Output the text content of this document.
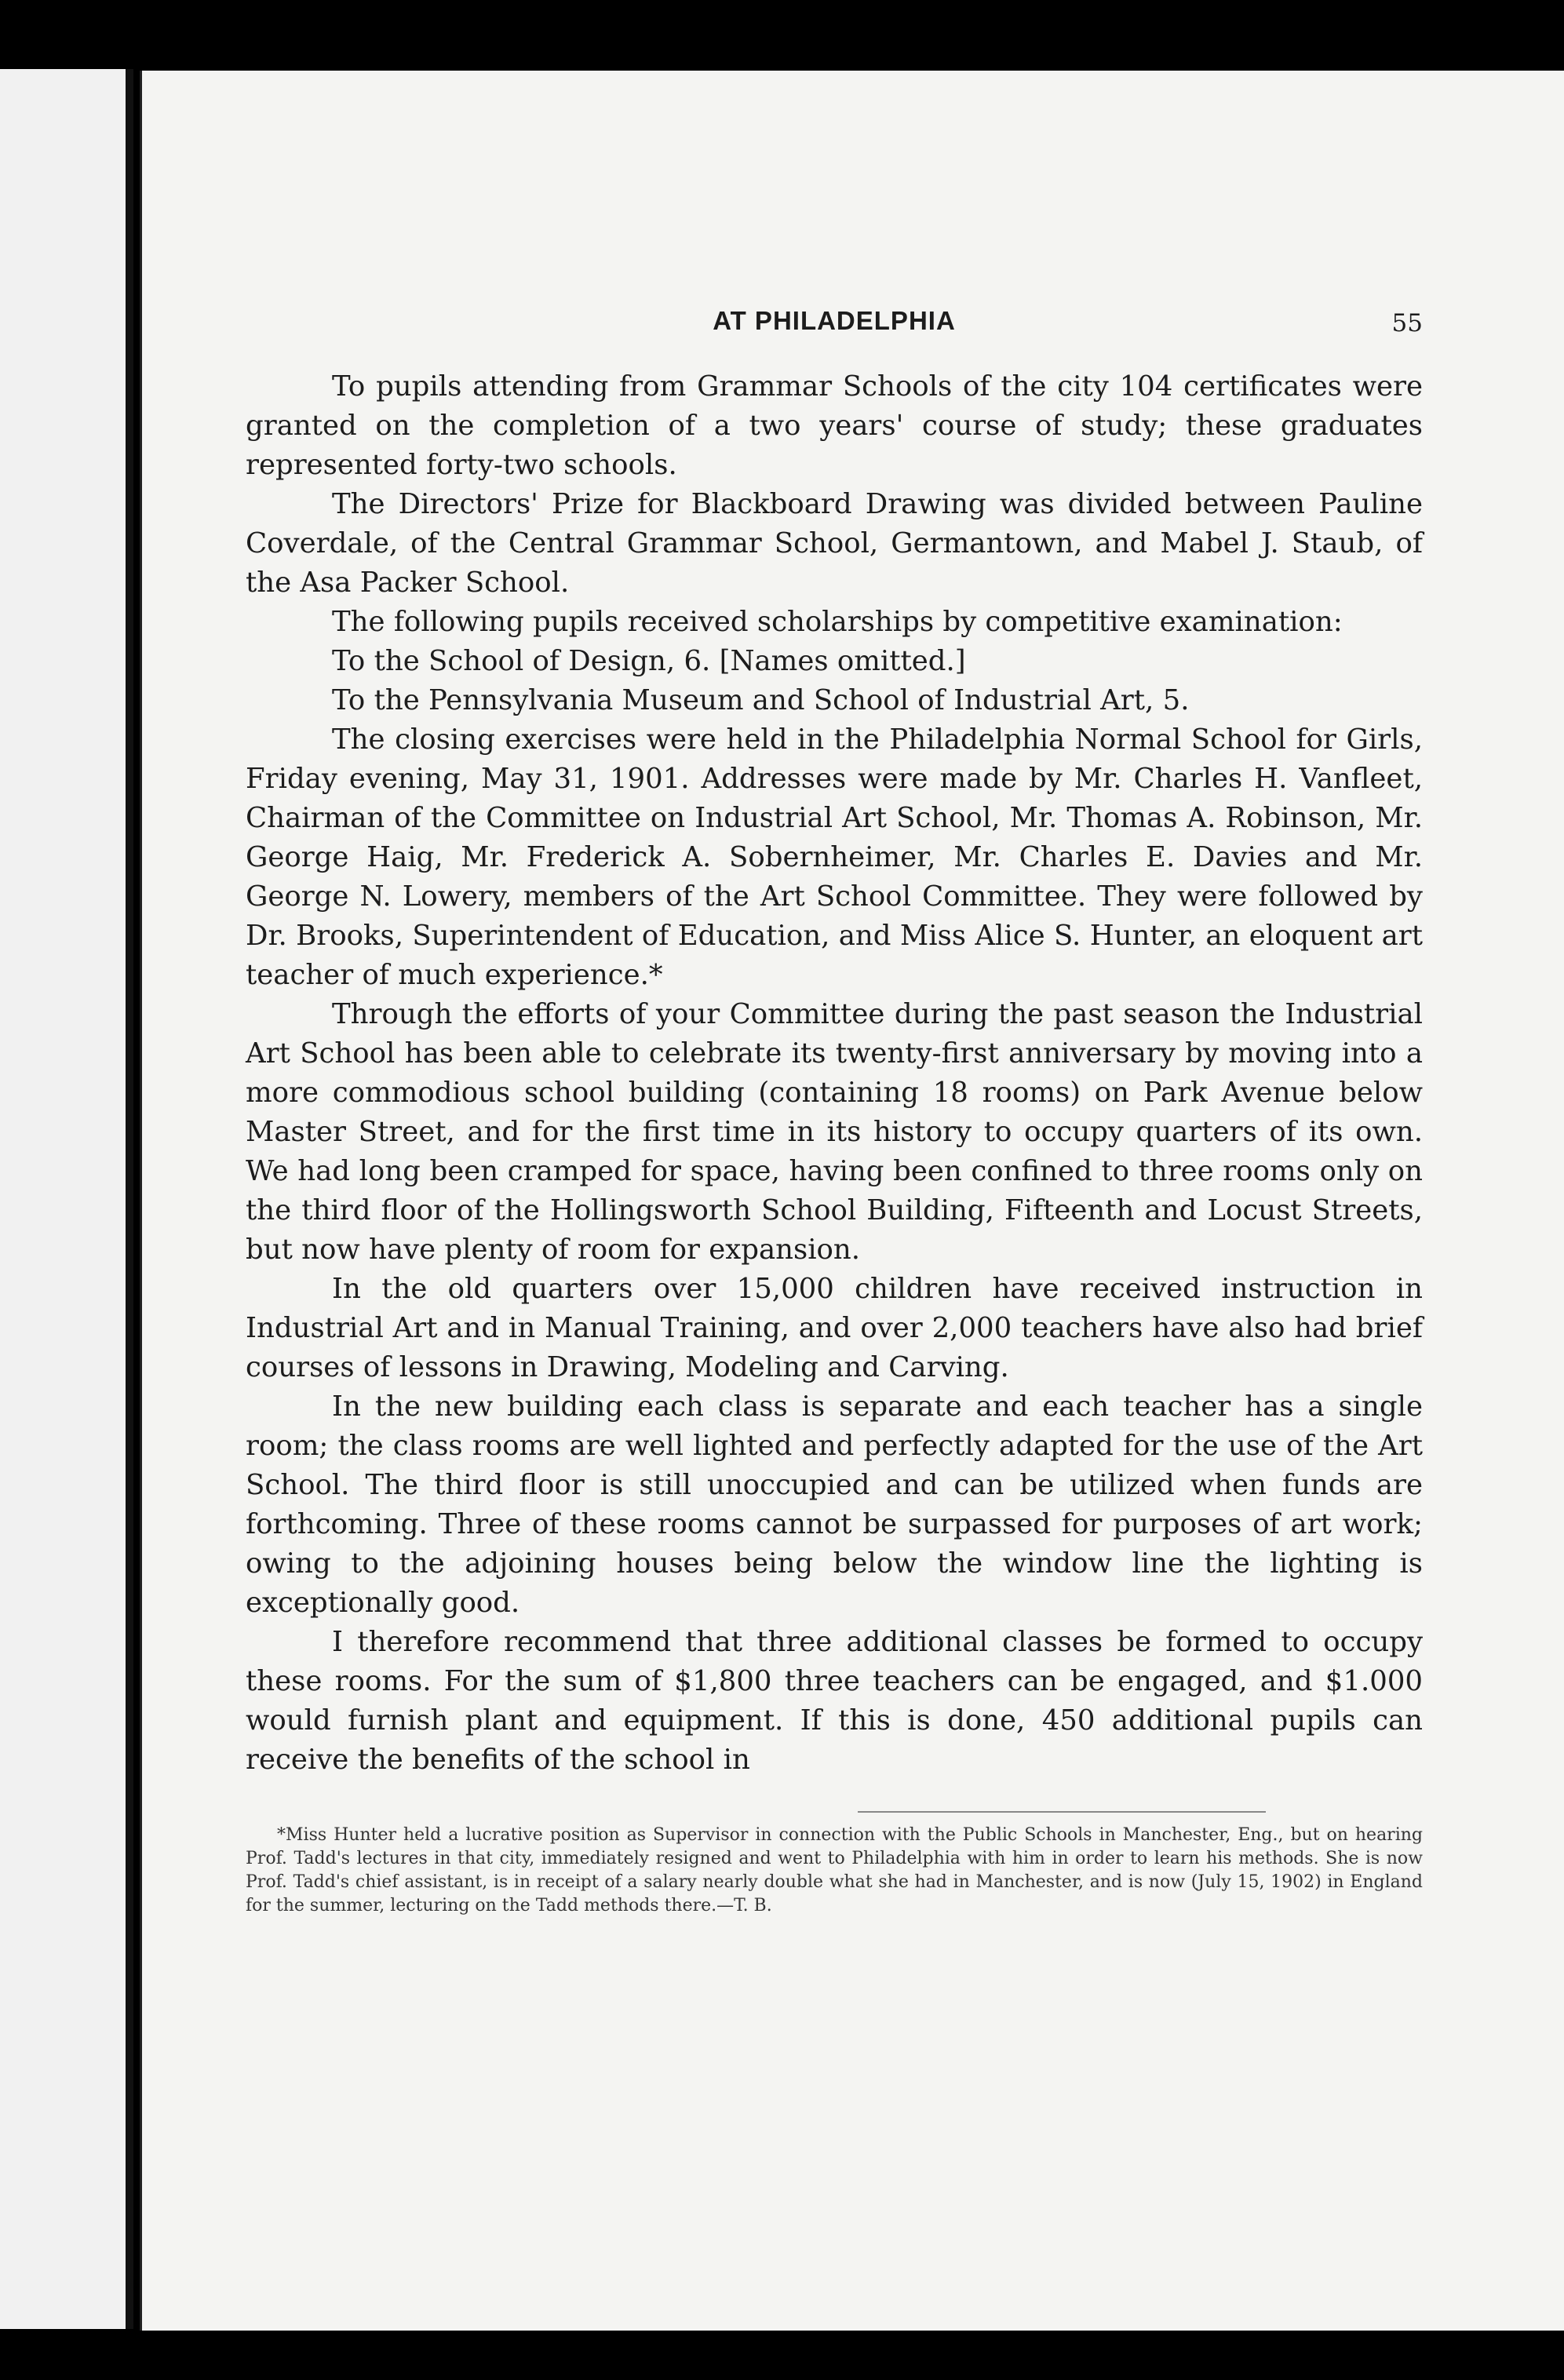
AT PHILADELPHIA	55

To pupils attending from Grammar Schools of the city 104 certificates were granted on the completion of a two years' course of study; these graduates represented forty-two schools.

The Directors' Prize for Blackboard Drawing was divided between Pauline Coverdale, of the Central Grammar School, Germantown, and Mabel J. Staub, of the Asa Packer School.

The following pupils received scholarships by competitive examination:

To the School of Design, 6. [Names omitted.]

To the Pennsylvania Museum and School of Industrial Art, 5.

The closing exercises were held in the Philadelphia Normal School for Girls, Friday evening, May 31, 1901. Addresses were made by Mr. Charles H. Vanfleet, Chairman of the Committee on Industrial Art School, Mr. Thomas A. Robinson, Mr. George Haig, Mr. Frederick A. Sobernheimer, Mr. Charles E. Davies and Mr. George N. Lowery, members of the Art School Committee. They were followed by Dr. Brooks, Superintendent of Education, and Miss Alice S. Hunter, an eloquent art teacher of much experience.*

Through the efforts of your Committee during the past season the Industrial Art School has been able to celebrate its twenty-first anniversary by moving into a more commodious school building (containing 18 rooms) on Park Avenue below Master Street, and for the first time in its history to occupy quarters of its own. We had long been cramped for space, having been confined to three rooms only on the third floor of the Hollingsworth School Building, Fifteenth and Locust Streets, but now have plenty of room for expansion.

In the old quarters over 15,000 children have received instruction in Industrial Art and in Manual Training, and over 2,000 teachers have also had brief courses of lessons in Drawing, Modeling and Carving.

In the new building each class is separate and each teacher has a single room; the class rooms are well lighted and perfectly adapted for the use of the Art School. The third floor is still unoccupied and can be utilized when funds are forthcoming. Three of these rooms cannot be surpassed for purposes of art work; owing to the adjoining houses being below the window line the lighting is exceptionally good.

I therefore recommend that three additional classes be formed to occupy these rooms. For the sum of $1,800 three teachers can be engaged, and $1.000 would furnish plant and equipment. If this is done, 450 additional pupils can receive the benefits of the school in

*Miss Hunter held a lucrative position as Supervisor in connection with the Public Schools in Manchester, Eng., but on hearing Prof. Tadd's lectures in that city, immediately resigned and went to Philadelphia with him in order to learn his methods. She is now Prof. Tadd's chief assistant, is in receipt of a salary nearly double what she had in Manchester, and is now (July 15, 1902) in England for the summer, lecturing on the Tadd methods there.—T. B.
